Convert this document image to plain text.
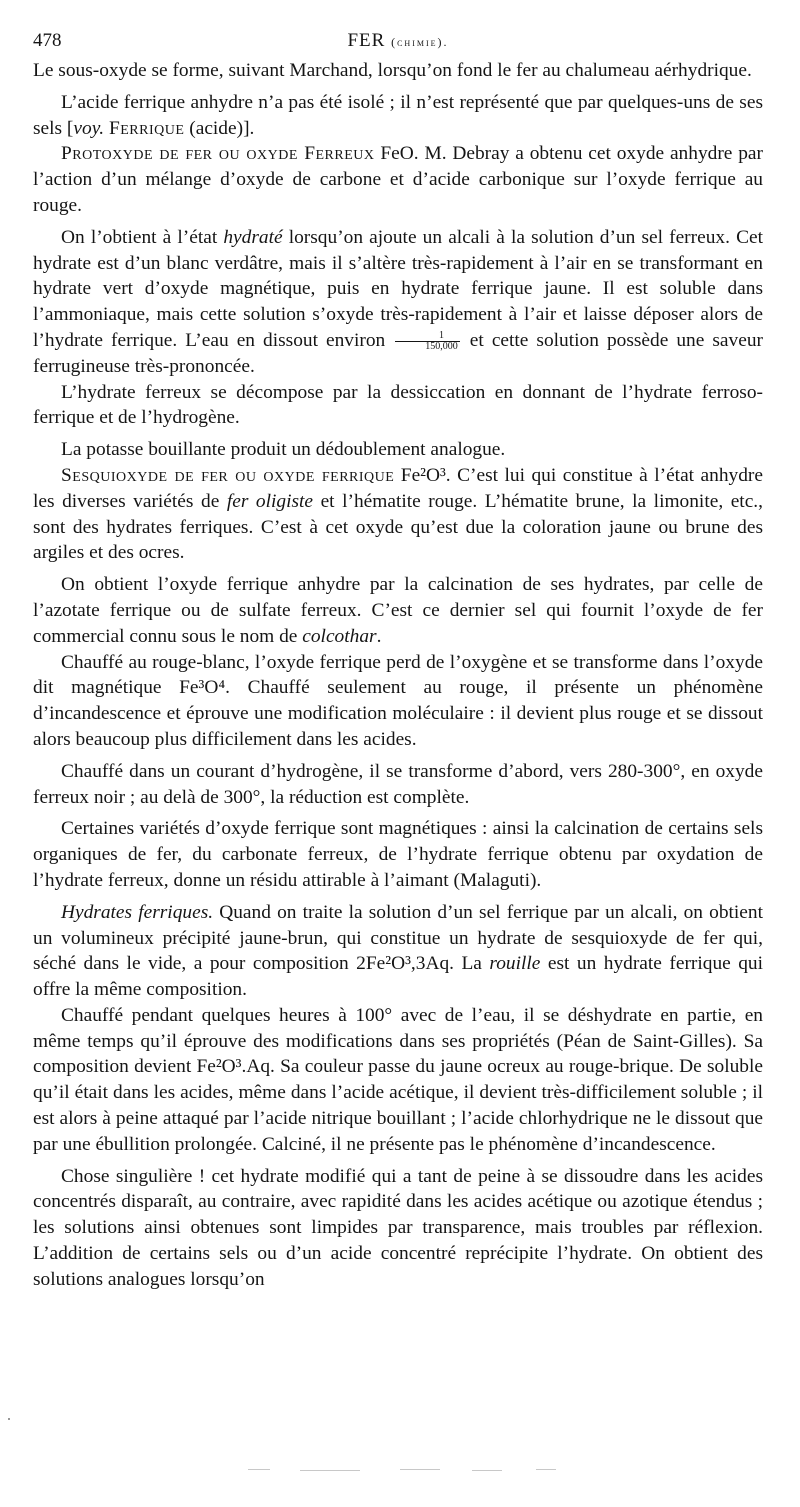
478	FER (chimie).

Le sous-oxyde se forme, suivant Marchand, lorsqu’on fond le fer au chalumeau aérhydrique.

L’acide ferrique anhydre n’a pas été isolé ; il n’est représenté que par quelques-uns de ses sels [voy. Ferrique (acide)].

Protoxyde de fer ou oxyde Ferreux FeO. M. Debray a obtenu cet oxyde anhydre par l’action d’un mélange d’oxyde de carbone et d’acide carbonique sur l’oxyde ferrique au rouge.

On l’obtient à l’état hydraté lorsqu’on ajoute un alcali à la solution d’un sel ferreux. Cet hydrate est d’un blanc verdâtre, mais il s’altère très-rapidement à l’air en se transformant en hydrate vert d’oxyde magnétique, puis en hydrate ferrique jaune. Il est soluble dans l’ammoniaque, mais cette solution s’oxyde très-rapidement à l’air et laisse déposer alors de l’hydrate ferrique. L’eau en dissout environ $\frac{1}{150,000}$ et cette solution possède une saveur ferrugineuse très-prononcée.

L’hydrate ferreux se décompose par la dessiccation en donnant de l’hydrate ferroso-ferrique et de l’hydrogène.

La potasse bouillante produit un dédoublement analogue.

Sesquioxyde de fer ou oxyde ferrique Fe²O³. C’est lui qui constitue à l’état anhydre les diverses variétés de fer oligiste et l’hématite rouge. L’hématite brune, la limonite, etc., sont des hydrates ferriques. C’est à cet oxyde qu’est due la coloration jaune ou brune des argiles et des ocres.

On obtient l’oxyde ferrique anhydre par la calcination de ses hydrates, par celle de l’azotate ferrique ou de sulfate ferreux. C’est ce dernier sel qui fournit l’oxyde de fer commercial connu sous le nom de colcothar.

Chauffé au rouge-blanc, l’oxyde ferrique perd de l’oxygène et se transforme dans l’oxyde dit magnétique Fe³O⁴. Chauffé seulement au rouge, il présente un phénomène d’incandescence et éprouve une modification moléculaire : il devient plus rouge et se dissout alors beaucoup plus difficilement dans les acides.

Chauffé dans un courant d’hydrogène, il se transforme d’abord, vers 280-300°, en oxyde ferreux noir ; au delà de 300°, la réduction est complète.

Certaines variétés d’oxyde ferrique sont magnétiques : ainsi la calcination de certains sels organiques de fer, du carbonate ferreux, de l’hydrate ferrique obtenu par oxydation de l’hydrate ferreux, donne un résidu attirable à l’aimant (Malaguti).

Hydrates ferriques. Quand on traite la solution d’un sel ferrique par un alcali, on obtient un volumineux précipité jaune-brun, qui constitue un hydrate de sesquioxyde de fer qui, séché dans le vide, a pour composition 2Fe²O³,3Aq. La rouille est un hydrate ferrique qui offre la même composition.

Chauffé pendant quelques heures à 100° avec de l’eau, il se déshydrate en partie, en même temps qu’il éprouve des modifications dans ses propriétés (Péan de Saint-Gilles). Sa composition devient Fe²O³.Aq. Sa couleur passe du jaune ocreux au rouge-brique. De soluble qu’il était dans les acides, même dans l’acide acétique, il devient très-difficilement soluble ; il est alors à peine attaqué par l’acide nitrique bouillant ; l’acide chlorhydrique ne le dissout que par une ébullition prolongée. Calciné, il ne présente pas le phénomène d’incandescence.

Chose singulière ! cet hydrate modifié qui a tant de peine à se dissoudre dans les acides concentrés disparaît, au contraire, avec rapidité dans les acides acétique ou azotique étendus ; les solutions ainsi obtenues sont limpides par transparence, mais troubles par réflexion. L’addition de certains sels ou d’un acide concentré reprécipite l’hydrate. On obtient des solutions analogues lorsqu’on
